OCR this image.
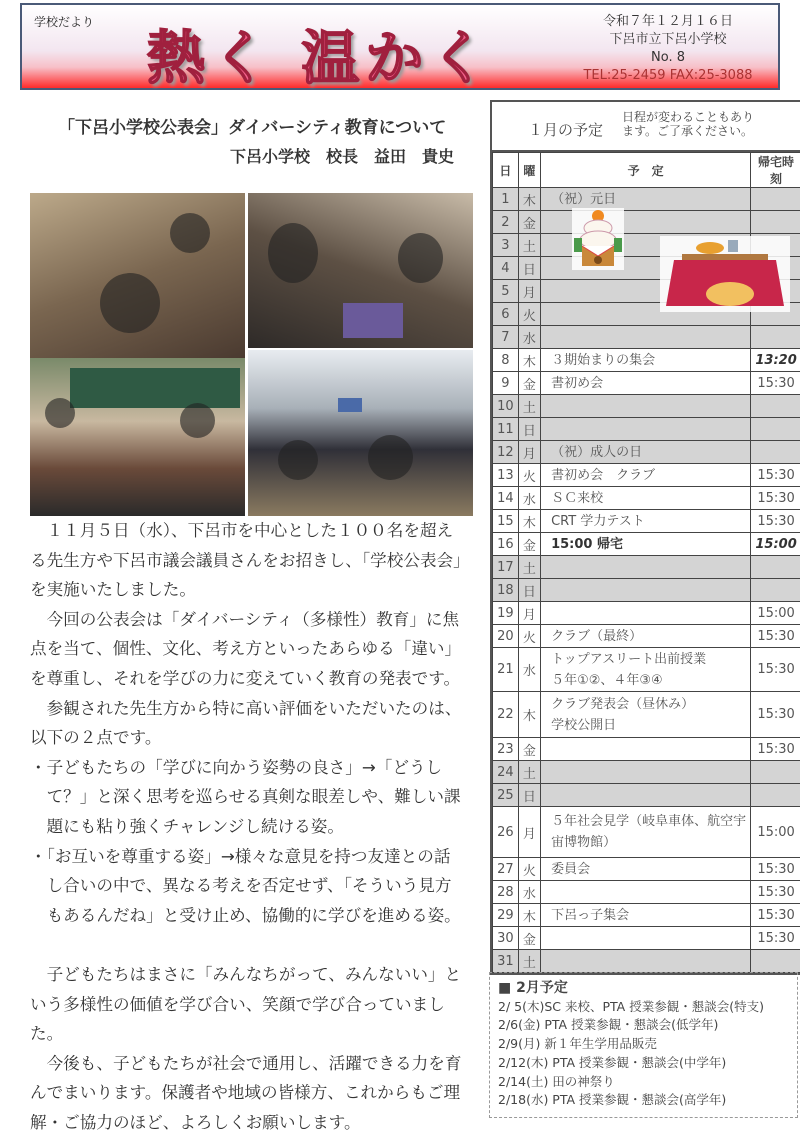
学校だより
熱く 温かく
令和７年１２月１６日
下呂市立下呂小学校
No. 8
TEL:25-2459 FAX:25-3088
「下呂小学校公表会」ダイバーシティ教育について
下呂小学校　校長　益田　貴史
　１１月５日（水）、下呂市を中心とした１００名を超え
る先生方や下呂市議会議員さんをお招きし、「学校公表会」
を実施いたしました。
　今回の公表会は「ダイバーシティ（多様性）教育」に焦
点を当て、個性、文化、考え方といったあらゆる「違い」
を尊重し、それを学びの力に変えていく教育の発表です。
　参観された先生方から特に高い評価をいただいたのは、
以下の２点です。
・子どもたちの「学びに向かう姿勢の良さ」→「どうし
　て？」と深く思考を巡らせる真剣な眼差しや、難しい課
　題にも粘り強くチャレンジし続ける姿。
・「お互いを尊重する姿」→様々な意見を持つ友達との話
　し合いの中で、異なる考えを否定せず、「そういう見方
　もあるんだね」と受け止め、協働的に学びを進める姿。
　子どもたちはまさに「みんなちがって、みんないい」と
いう多様性の価値を学び合い、笑顔で学び合っていまし
た。
　今後も、子どもたちが社会で通用し、活躍できる力を育
んでまいります。保護者や地域の皆様方、これからもご理
解・ご協力のほど、よろしくお願いします。
１月の予定
日程が変わることもあり
ます。ご了承ください。
日	曜	予　定	帰宅時刻
1	木	（祝）元日	
2	金		
3	土		
4	日		
5	月		
6	火		
7	水		
8	木	３期始まりの集会	13:20
9	金	書初め会	15:30
10	土		
11	日		
12	月	（祝）成人の日	
13	火	書初め会　クラブ	15:30
14	水	ＳＣ来校	15:30
15	木	CRT 学力テスト	15:30
16	金	15:00 帰宅	15:00
17	土		
18	日		
19	月		15:00
20	火	クラブ（最終）	15:30
21	水	トップアスリート出前授業
５年①②、４年③④	15:30
22	木	クラブ発表会（昼休み）
学校公開日	15:30
23	金		15:30
24	土		
25	日		
26	月	５年社会見学（岐阜車体、航空宇
宙博物館）	15:00
27	火	委員会	15:30
28	水		15:30
29	木	下呂っ子集会	15:30
30	金		15:30
31	土		
■ 2月予定
2/ 5(木)SC 来校、PTA 授業参観・懇談会(特支)
2/6(金) PTA 授業参観・懇談会(低学年)
2/9(月) 新１年生学用品販売
2/12(木) PTA 授業参観・懇談会(中学年)
2/14(土) 田の神祭り
2/18(水) PTA 授業参観・懇談会(高学年)
